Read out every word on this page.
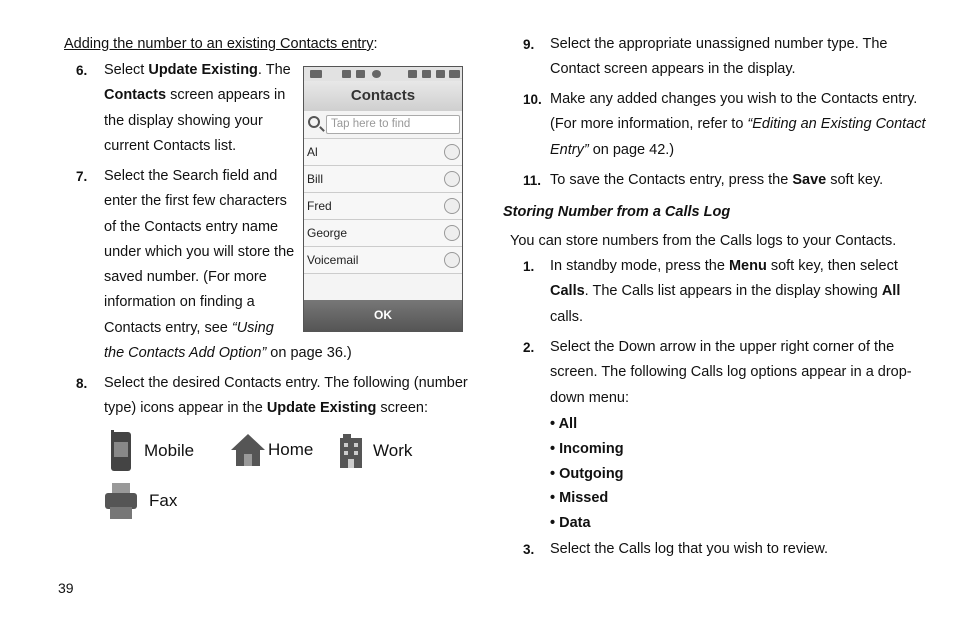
Adding the number to an existing Contacts entry:

6. Select Update Existing. The

Contacts screen appears in

the display showing your

current Contacts list.

7. Select the Search field and

enter the first few characters

of the Contacts entry name

under which you will store the

saved number. (For more

information on finding a

Contacts entry, see “Using

the Contacts Add Option” on page 36.)

Contacts
Tap here to find
Al
Bill
Fred
George
Voicemail
OK
8. Select the desired Contacts entry. The following (number

type) icons appear in the Update Existing screen:

Mobile	Home	Work
Fax
9. Select the appropriate unassigned number type. The

Contact screen appears in the display.

10. Make any added changes you wish to the Contacts entry.

(For more information, refer to “Editing an Existing Contact

Entry” on page 42.)

11. To save the Contacts entry, press the Save soft key.

Storing Number from a Calls Log

You can store numbers from the Calls logs to your Contacts.

1. In standby mode, press the Menu soft key, then select

Calls. The Calls list appears in the display showing All

calls.

2. Select the Down arrow in the upper right corner of the

screen. The following Calls log options appear in a drop-

down menu:

• All

• Incoming

• Outgoing

• Missed

• Data

3. Select the Calls log that you wish to review.

39
